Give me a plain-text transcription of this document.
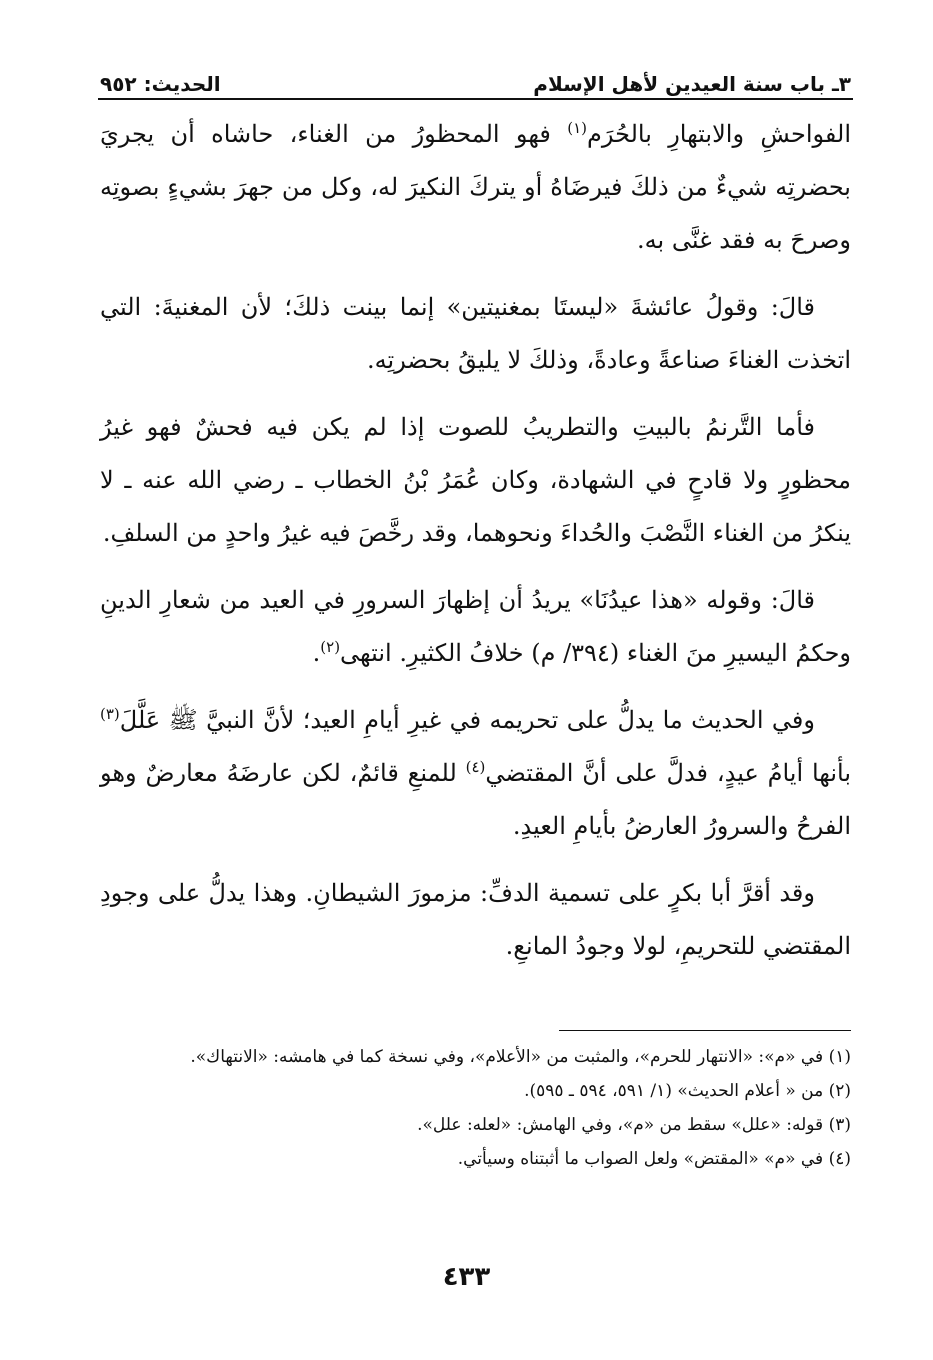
٣ـ باب سنة العيدين لأهل الإسلام
الحديث: ٩٥٢

الفواحشِ والابتهارِ بالحُرَم$^{(١)}$ فهو المحظورُ من الغناء، حاشاه أن يجريَ بحضرتِه شيءٌ من ذلكَ فيرضَاهُ أو يتركَ النكيرَ له، وكل من جهرَ بشيءٍ بصوتِه وصرحَ به فقد غنَّى به.

قالَ: وقولُ عائشةَ «ليستَا بمغنيتين» إنما بينت ذلكَ؛ لأن المغنيةَ: التي اتخذت الغناءَ صناعةً وعادةً، وذلكَ لا يليقُ بحضرتِه.

فأما التَّرنمُ بالبيتِ والتطريبُ للصوت إذا لم يكن فيه فحشٌ فهو غيرُ محظورٍ ولا قادحٍ في الشهادة، وكان عُمَرُ بْنُ الخطاب ـ رضي الله عنه ـ لا ينكرُ من الغناء النَّصْبَ والحُداءَ ونحوهما، وقد رخَّصَ فيه غيرُ واحدٍ من السلفِ.

قالَ: وقوله «هذا عيدُنَا» يريدُ أن إظهارَ السرورِ في العيد من شعارِ الدينِ وحكمُ اليسيرِ منَ الغناء (٣٩٤/ م) خلافُ الكثيرِ. انتهى$^{(٢)}$.

وفي الحديث ما يدلُّ على تحريمه في غيرِ أيامِ العيد؛ لأنَّ النبيَّ ﷺ عَلَّلَ$^{(٣)}$ بأنها أيامُ عيدٍ، فدلَّ على أنَّ المقتضي$^{(٤)}$ للمنعِ قائمٌ، لكن عارضَهُ معارضٌ وهو الفرحُ والسرورُ العارضُ بأيامِ العيدِ.

وقد أقرَّ أبا بكرٍ على تسمية الدفِّ: مزمورَ الشيطانِ. وهذا يدلُّ على وجودِ المقتضي للتحريمِ، لولا وجودُ المانعِ.

(١) في «م»: «الانتهار للحرم»، والمثبت من «الأعلام»، وفي نسخة كما في هامشه: «الانتهاك».

(٢) من « أعلام الحديث» (١/ ٥٩١، ٥٩٤ ـ ٥٩٥).

(٣) قوله: «علل» سقط من «م»، وفي الهامش: «لعله: علل».

(٤) في «م» «المقتض» ولعل الصواب ما أثبتناه وسيأتي.

٤٣٣
